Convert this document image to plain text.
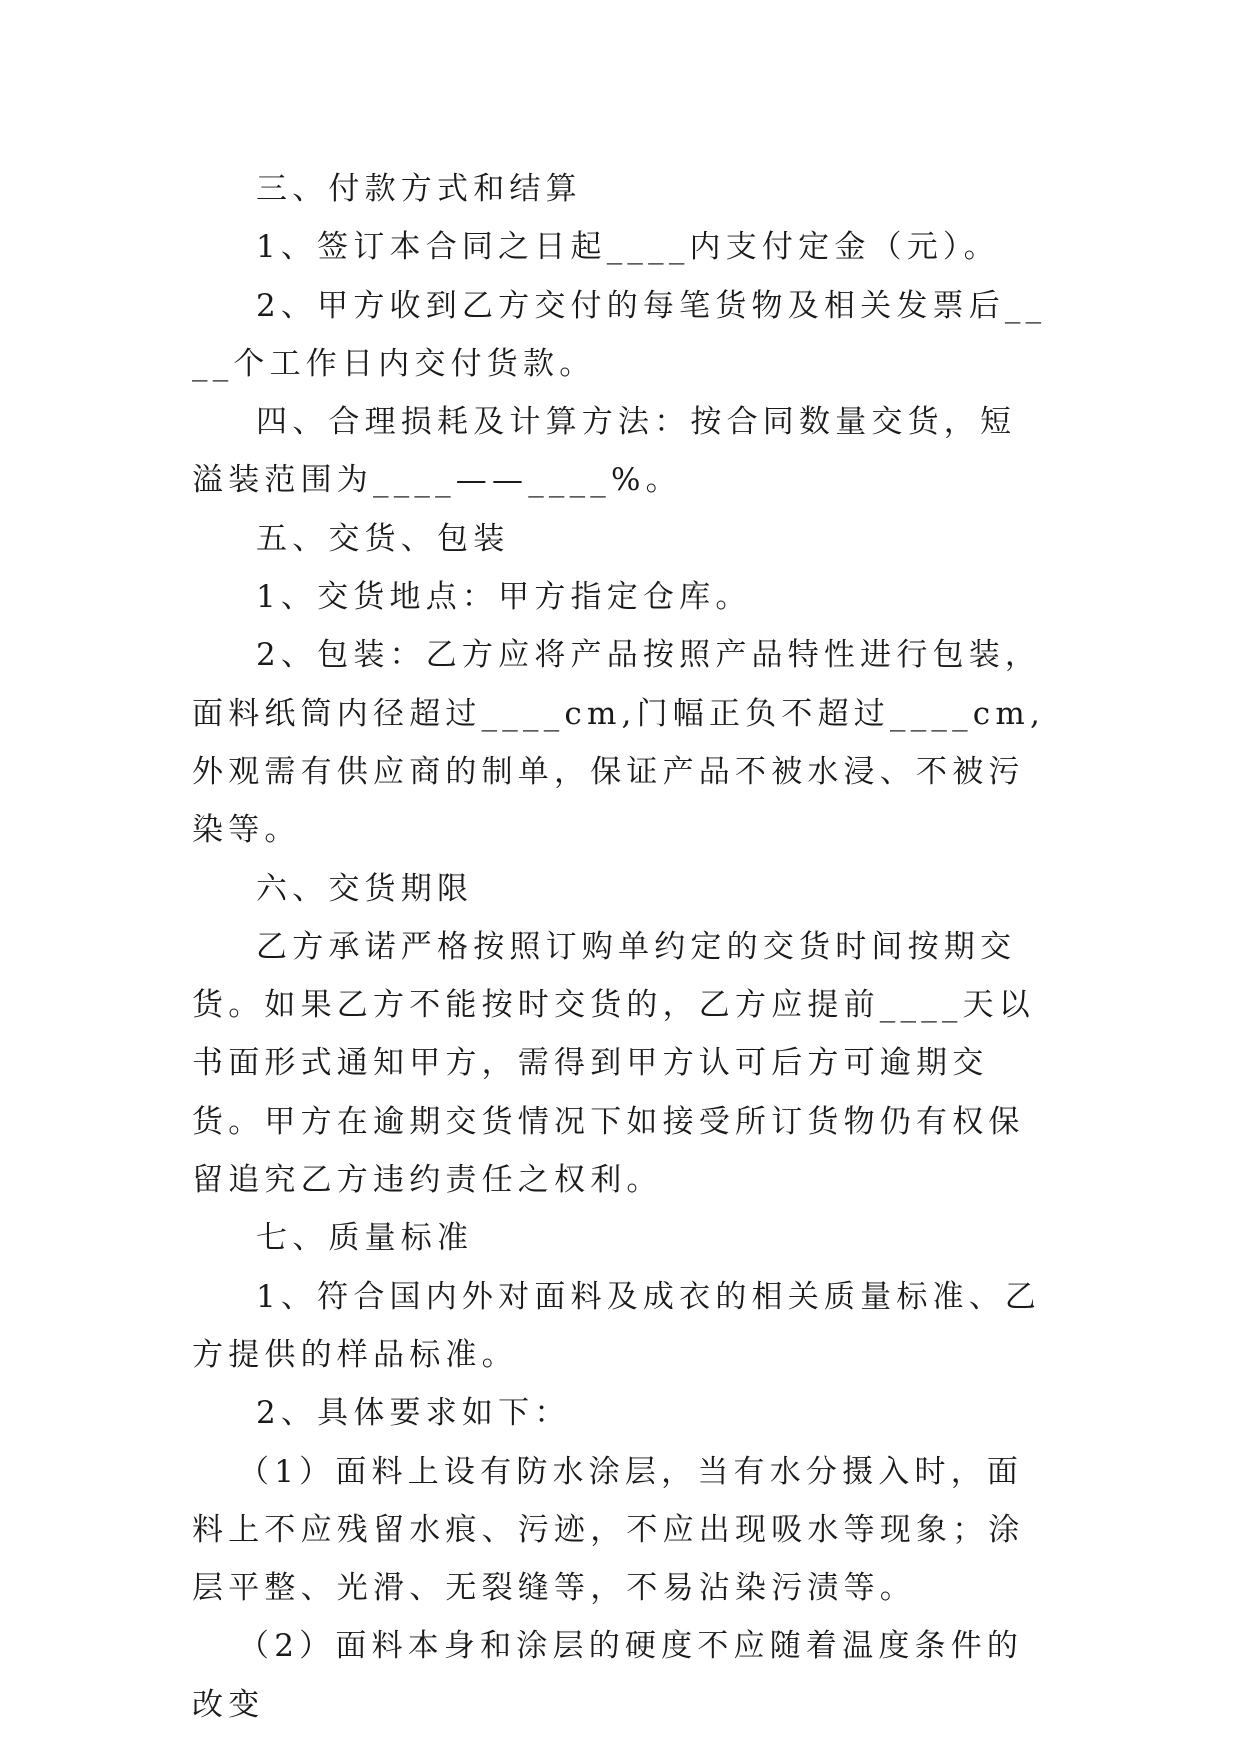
三、付款方式和结算

1、签订本合同之日起____内支付定金（元）。

2、甲方收到乙方交付的每笔货物及相关发票后____个工作日内交付货款。

四、合理损耗及计算方法：按合同数量交货，短溢装范围为____——____%。

五、交货、包装

1、交货地点：甲方指定仓库。

2、包装：乙方应将产品按照产品特性进行包装，面料纸筒内径超过____cm,门幅正负不超过____cm,外观需有供应商的制单，保证产品不被水浸、不被污染等。

六、交货期限

乙方承诺严格按照订购单约定的交货时间按期交货。如果乙方不能按时交货的，乙方应提前____天以书面形式通知甲方，需得到甲方认可后方可逾期交货。甲方在逾期交货情况下如接受所订货物仍有权保留追究乙方违约责任之权利。

七、质量标准

1、符合国内外对面料及成衣的相关质量标准、乙方提供的样品标准。

2、具体要求如下：

（1）面料上设有防水涂层，当有水分摄入时，面料上不应残留水痕、污迹，不应出现吸水等现象；涂层平整、光滑、无裂缝等，不易沾染污渍等。

（2）面料本身和涂层的硬度不应随着温度条件的改变
